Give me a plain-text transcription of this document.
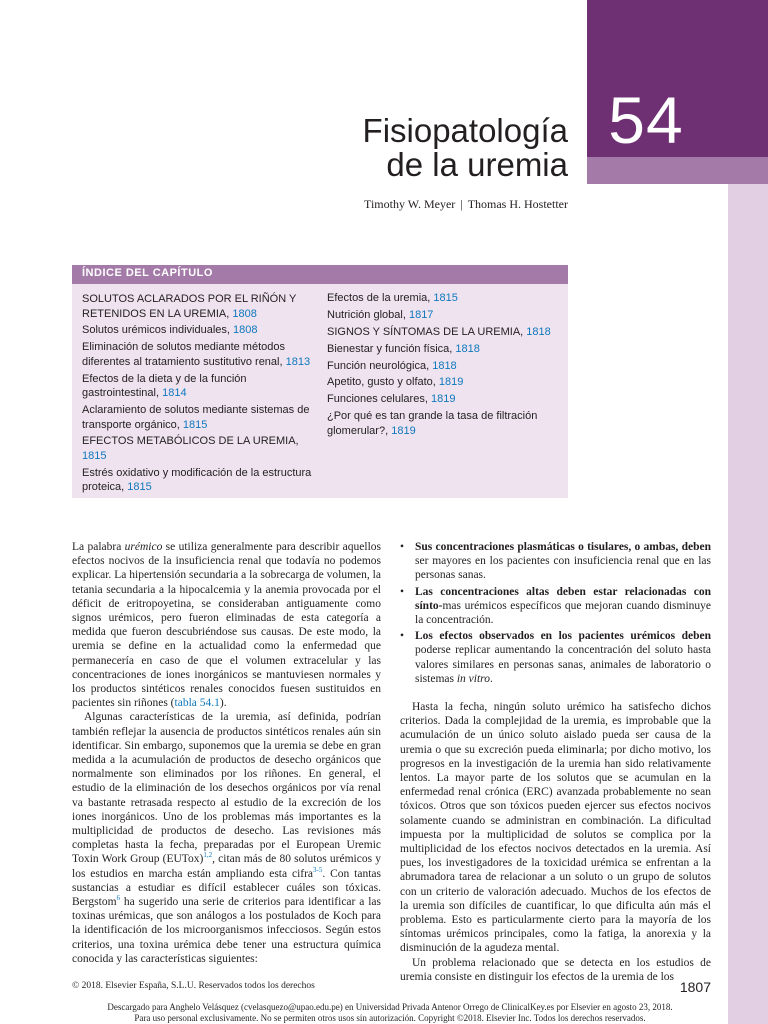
54
Fisiopatología
de la uremia
Timothy W. Meyer | Thomas H. Hostetter
ÍNDICE DEL CAPÍTULO
SOLUTOS ACLARADOS POR EL RIÑÓN Y RETENIDOS EN LA UREMIA , 1808
Solutos urémicos individuales , 1808
Eliminación de solutos mediante métodos diferentes al tratamiento sustitutivo renal , 1813
Efectos de la dieta y de la función gastrointestinal , 1814
Aclaramiento de solutos mediante sistemas de transporte orgánico , 1815
EFECTOS METABÓLICOS DE LA UREMIA, 1815
Estrés oxidativo y modificación de la estructura proteica , 1815
Efectos de la uremia , 1815
Nutrición global , 1817
SIGNOS Y SÍNTOMAS DE LA UREMIA , 1818
Bienestar y función física , 1818
Función neurológica , 1818
Apetito, gusto y olfato , 1819
Funciones celulares , 1819
¿Por qué es tan grande la tasa de filtración glomerular? , 1819

La palabra urémico se utiliza generalmente para describir aquellos efectos nocivos de la insuficiencia renal que todavía no podemos explicar. La hipertensión secundaria a la sobrecarga de volumen, la tetania secundaria a la hipocalcemia y la anemia provocada por el déficit de eritropoyetina, se consideraban antiguamente como signos urémicos, pero fueron eliminadas de esta categoría a medida que fueron descubriéndose sus causas. De este modo, la uremia se define en la actualidad como la enfermedad que permanecería en caso de que el volumen extracelular y las concentraciones de iones inorgánicos se mantuviesen normales y los productos sintéticos renales conocidos fuesen sustituidos en pacientes sin riñones (tabla 54.1).

Algunas características de la uremia, así definida, podrían también reflejar la ausencia de productos sintéticos renales aún sin identificar. Sin embargo, suponemos que la uremia se debe en gran medida a la acumulación de productos de desecho orgánicos que normalmente son eliminados por los riñones. En general, el estudio de la eliminación de los desechos orgánicos por vía renal va bastante retrasada respecto al estudio de la excreción de los iones inorgánicos. Uno de los problemas más importantes es la multiplicidad de productos de desecho. Las revisiones más completas hasta la fecha, preparadas por el European Uremic Toxin Work Group (EUTox)$^{1,2}$, citan más de 80 solutos urémicos y los estudios en marcha están ampliando esta cifra$^{3-5}$. Con tantas sustancias a estudiar es difícil establecer cuáles son tóxicas. Bergstom$^6$ ha sugerido una serie de criterios para identificar a las toxinas urémicas, que son análogos a los postulados de Koch para la identificación de los microorganismos infecciosos. Según estos criterios, una toxina urémica debe tener una estructura química conocida y las características siguientes:

• Sus concentraciones plasmáticas o tisulares, o ambas, deben ser mayores en los pacientes con insuficiencia renal que en las personas sanas.
• Las concentraciones altas deben estar relacionadas con sínto-mas urémicos específicos que mejoran cuando disminuye la concentración.
• Los efectos observados en los pacientes urémicos deben poderse replicar aumentando la concentración del soluto hasta valores similares en personas sanas, animales de laboratorio o sistemas in vitro.

Hasta la fecha, ningún soluto urémico ha satisfecho dichos criterios. Dada la complejidad de la uremia, es improbable que la acumulación de un único soluto aislado pueda ser causa de la uremia o que su excreción pueda eliminarla; por dicho motivo, los progresos en la investigación de la uremia han sido relativamente lentos. La mayor parte de los solutos que se acumulan en la enfermedad renal crónica (ERC) avanzada probablemente no sean tóxicos. Otros que son tóxicos pueden ejercer sus efectos nocivos solamente cuando se administran en combinación. La dificultad impuesta por la multiplicidad de solutos se complica por la multiplicidad de los efectos nocivos detectados en la uremia. Así pues, los investigadores de la toxicidad urémica se enfrentan a la abrumadora tarea de relacionar a un soluto o un grupo de solutos con un criterio de valoración adecuado. Muchos de los efectos de la uremia son difíciles de cuantificar, lo que dificulta aún más el problema. Esto es particularmente cierto para la mayoría de los síntomas urémicos principales, como la fatiga, la anorexia y la disminución de la agudeza mental.

Un problema relacionado que se detecta en los estudios de uremia consiste en distinguir los efectos de la uremia de los

© 2018. Elsevier España, S.L.U. Reservados todos los derechos	1807
Descargado para Anghelo Velásquez (cvelasquezo@upao.edu.pe) en Universidad Privada Antenor Orrego de ClinicalKey.es por Elsevier en agosto 23, 2018.
Para uso personal exclusivamente. No se permiten otros usos sin autorización. Copyright ©2018. Elsevier Inc. Todos los derechos reservados.
